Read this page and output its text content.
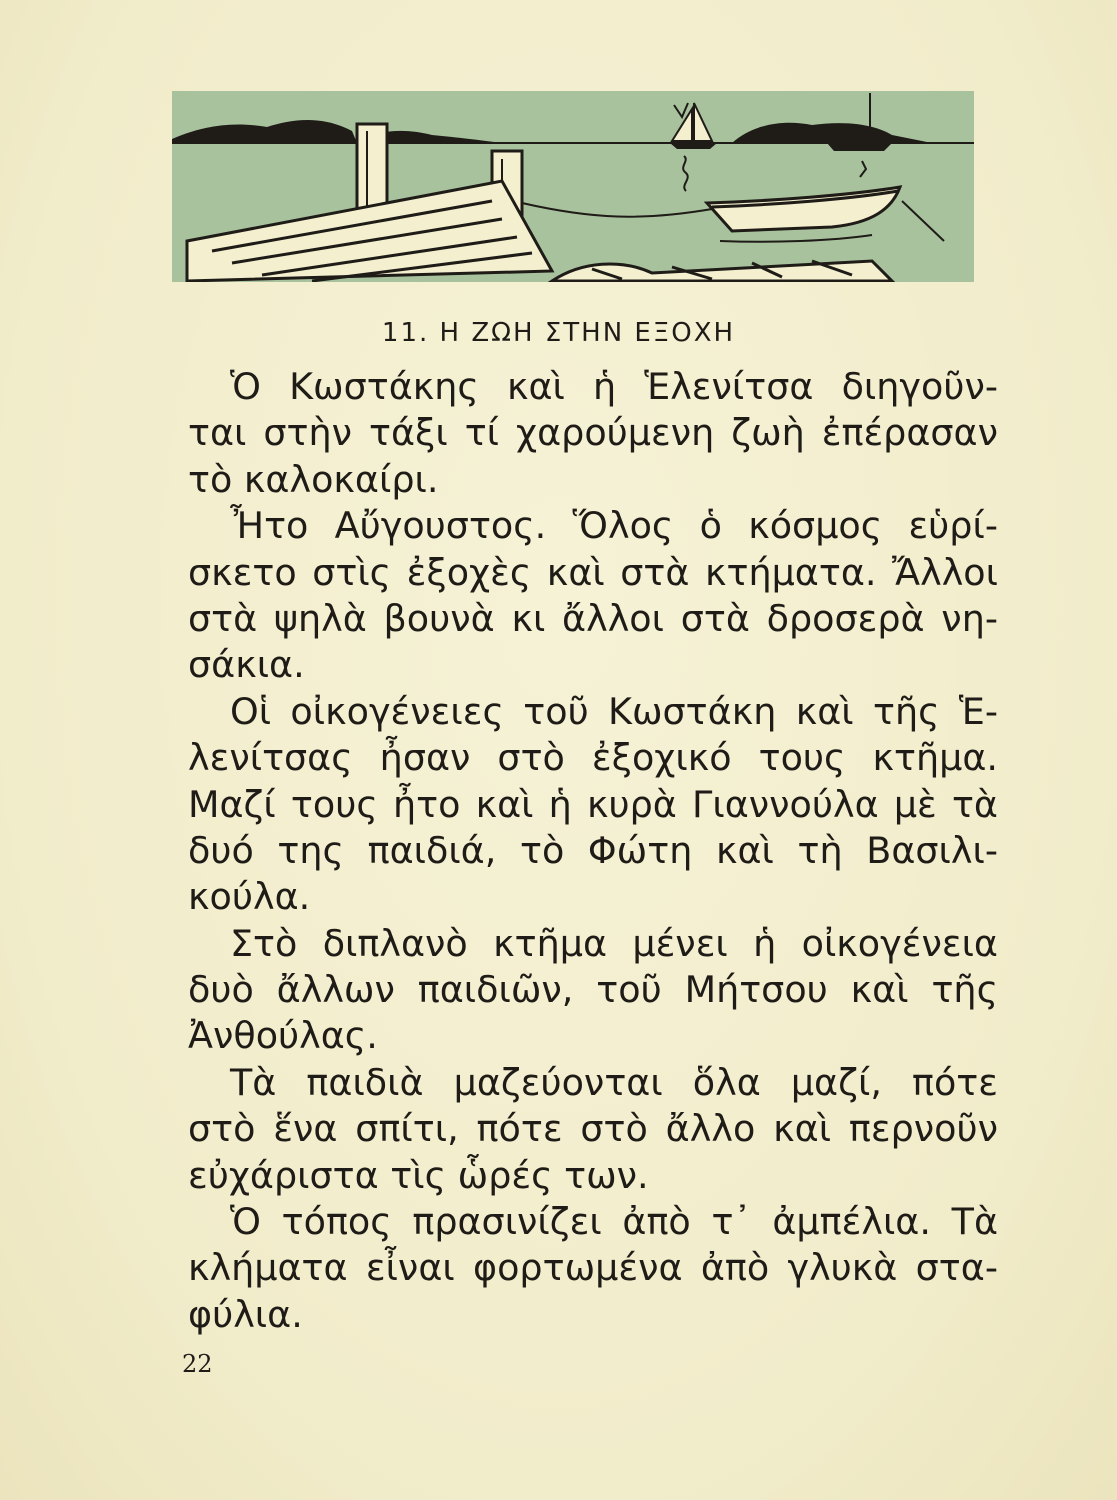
11. Η ΖΩΗ ΣΤΗΝ ΕΞΟΧΗ

Ὁ Κωστάκης καὶ ἡ Ἑλενίτσα διηγοῦν-
ται στὴν τάξι τί χαρούμενη ζωὴ ἐπέρασαν
τὸ καλοκαίρι.

Ἦτο Αὔγουστος. Ὅλος ὁ κόσμος εὑρί-
σκετο στὶς ἐξοχὲς καὶ στὰ κτήματα. Ἄλλοι
στὰ ψηλὰ βουνὰ κι ἄλλοι στὰ δροσερὰ νη-
σάκια.

Οἱ οἰκογένειες τοῦ Κωστάκη καὶ τῆς Ἑ-
λενίτσας ἦσαν στὸ ἐξοχικό τους κτῆμα.
Μαζί τους ἦτο καὶ ἡ κυρὰ Γιαννούλα μὲ τὰ
δυό της παιδιά, τὸ Φώτη καὶ τὴ Βασιλι-
κούλα.

Στὸ διπλανὸ κτῆμα μένει ἡ οἰκογένεια
δυὸ ἄλλων παιδιῶν, τοῦ Μήτσου καὶ τῆς
Ἀνθούλας.

Τὰ παιδιὰ μαζεύονται ὅλα μαζί, πότε
στὸ ἕνα σπίτι, πότε στὸ ἄλλο καὶ περνοῦν
εὐχάριστα τὶς ὧρές των.

Ὁ τόπος πρασινίζει ἀπὸ τ᾽ ἀμπέλια. Τὰ
κλήματα εἶναι φορτωμένα ἀπὸ γλυκὰ στα-
φύλια.

22
